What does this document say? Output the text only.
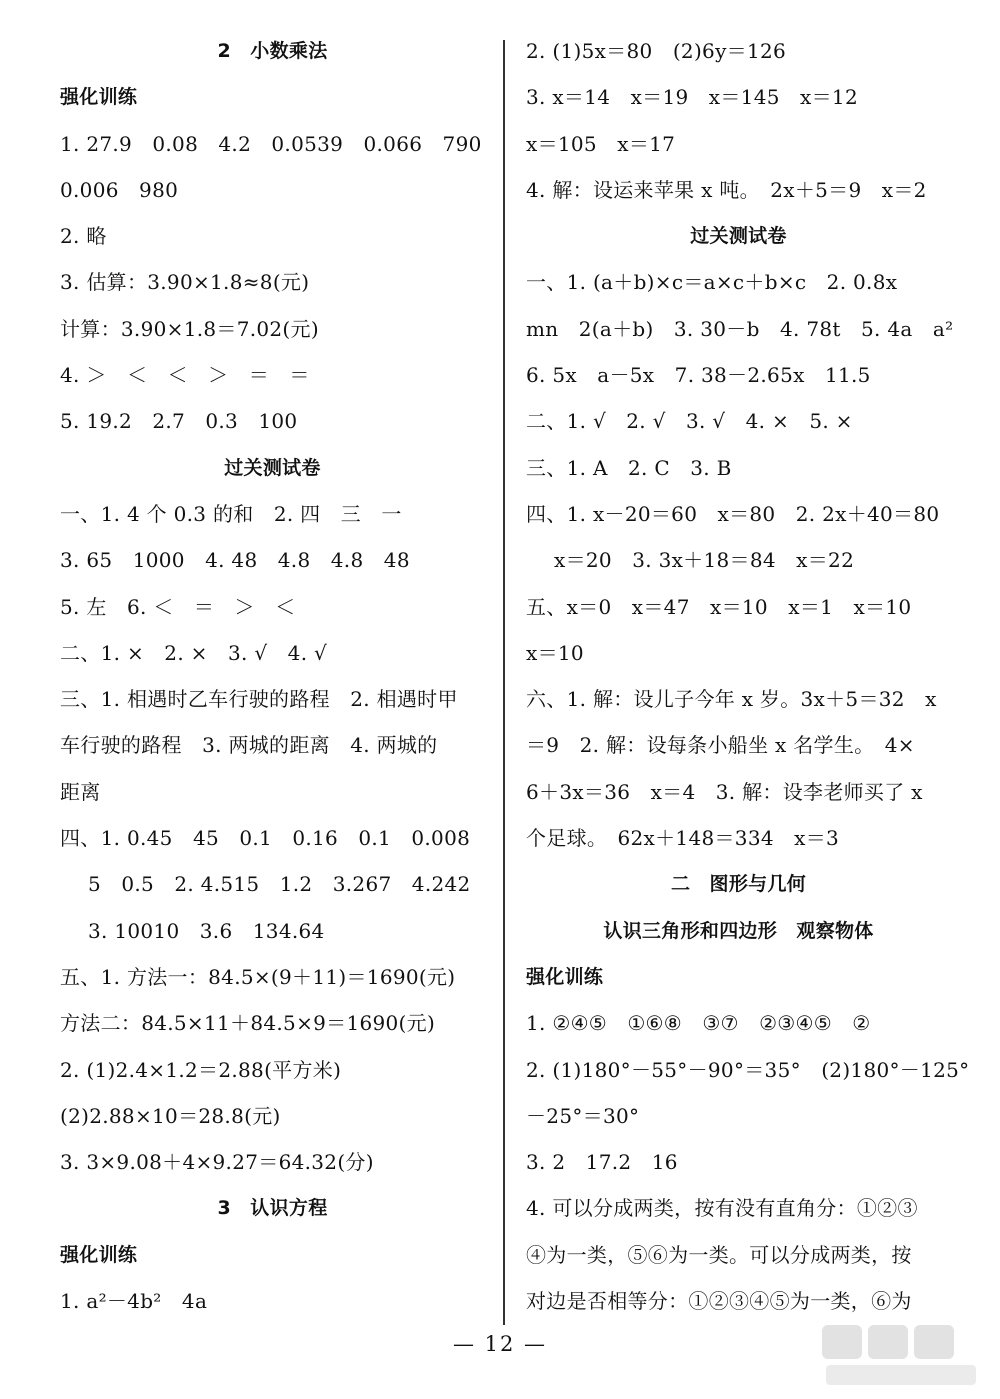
2　小数乘法
强化训练
1. 27.9　0.08　4.2　0.0539　0.066　790
0.006　980
2. 略
3. 估算：3.90×1.8≈8(元)
计算：3.90×1.8＝7.02(元)
4. ＞　＜　＜　＞　＝　＝
5. 19.2　2.7　0.3　100
过关测试卷
一、1. 4 个 0.3 的和　2. 四　三　一
3. 65　1000　4. 48　4.8　4.8　48
5. 左　6. ＜　＝　＞　＜
二、1. ×　2. ×　3. √　4. √
三、1. 相遇时乙车行驶的路程　2. 相遇时甲
车行驶的路程　3. 两城的距离　4. 两城的
距离
四、1. 0.45　45　0.1　0.16　0.1　0.008
5　0.5　2. 4.515　1.2　3.267　4.242
3. 10010　3.6　134.64
五、1. 方法一：84.5×(9＋11)＝1690(元)
方法二：84.5×11＋84.5×9＝1690(元)
2. (1)2.4×1.2＝2.88(平方米)
(2)2.88×10＝28.8(元)
3. 3×9.08＋4×9.27＝64.32(分)
3　认识方程
强化训练
1. a²－4b²　4a
2. (1)5x＝80　(2)6y＝126
3. x＝14　x＝19　x＝145　x＝12
x＝105　x＝17
4. 解：设运来苹果 x 吨。　2x＋5＝9　x＝2
过关测试卷
一、1. (a＋b)×c＝a×c＋b×c　2. 0.8x
mn　2(a＋b)　3. 30－b　4. 78t　5. 4a　a²
6. 5x　a－5x　7. 38－2.65x　11.5
二、1. √　2. √　3. √　4. ×　5. ×
三、1. A　2. C　3. B
四、1. x－20＝60　x＝80　2. 2x＋40＝80
x＝20　3. 3x＋18＝84　x＝22
五、x＝0　x＝47　x＝10　x＝1　x＝10
x＝10
六、1. 解：设儿子今年 x 岁。3x＋5＝32　x
＝9　2. 解：设每条小船坐 x 名学生。　4×
6＋3x＝36　x＝4　3. 解：设李老师买了 x
个足球。　62x＋148＝334　x＝3
二　图形与几何
认识三角形和四边形　观察物体
强化训练
1. ②④⑤　①⑥⑧　③⑦　②③④⑤　②
2. (1)180°－55°－90°＝35°　(2)180°－125°
－25°＝30°
3. 2　17.2　16
4. 可以分成两类，按有没有直角分：①②③
④为一类，⑤⑥为一类。可以分成两类，按
对边是否相等分：①②③④⑤为一类，⑥为
— 12 —
